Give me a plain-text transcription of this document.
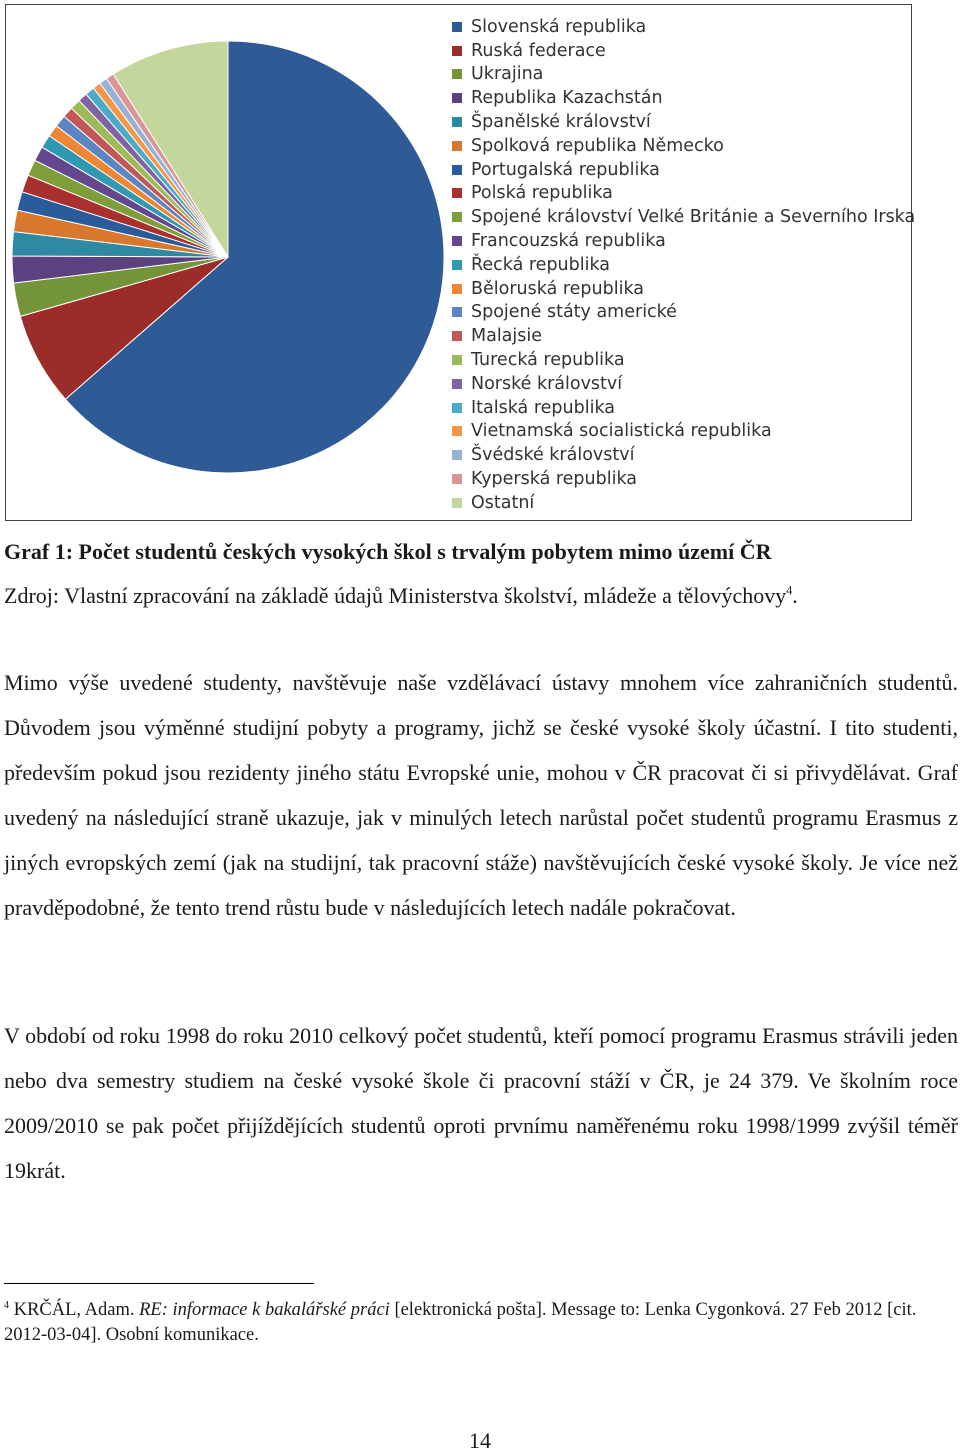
Slovenská republika
Ruská federace
Ukrajina
Republika Kazachstán
Španělské království
Spolková republika Německo
Portugalská republika
Polská republika
Spojené království Velké Británie a Severního Irska
Francouzská republika
Řecká republika
Běloruská republika
Spojené státy americké
Malajsie
Turecká republika
Norské království
Italská republika
Vietnamská socialistická republika
Švédské království
Kyperská republika
Ostatní

Graf 1: Počet studentů českých vysokých škol s trvalým pobytem mimo území ČR

Zdroj: Vlastní zpracování na základě údajů Ministerstva školství, mládeže a tělovýchovy$^4$.

Mimo výše uvedené studenty, navštěvuje naše vzdělávací ústavy mnohem více zahraničních studentů. Důvodem jsou výměnné studijní pobyty a programy, jichž se české vysoké školy účastní. I tito studenti, především pokud jsou rezidenty jiného státu Evropské unie, mohou v ČR pracovat či si přivydělávat. Graf uvedený na následující straně ukazuje, jak v minulých letech narůstal počet studentů programu Erasmus z jiných evropských zemí (jak na studijní, tak pracovní stáže) navštěvujících české vysoké školy. Je více než pravděpodobné, že tento trend růstu bude v následujících letech nadále pokračovat.

V období od roku 1998 do roku 2010 celkový počet studentů, kteří pomocí programu Erasmus strávili jeden nebo dva semestry studiem na české vysoké škole či pracovní stáží v ČR, je 24 379. Ve školním roce 2009/2010 se pak počet přijíždějících studentů oproti prvnímu naměřenému roku 1998/1999 zvýšil téměř 19krát.

$^4$ KRČÁL, Adam. RE: informace k bakalářské práci [elektronická pošta]. Message to: Lenka Cygonková. 27 Feb 2012 [cit. 2012-03-04]. Osobní komunikace.

14
